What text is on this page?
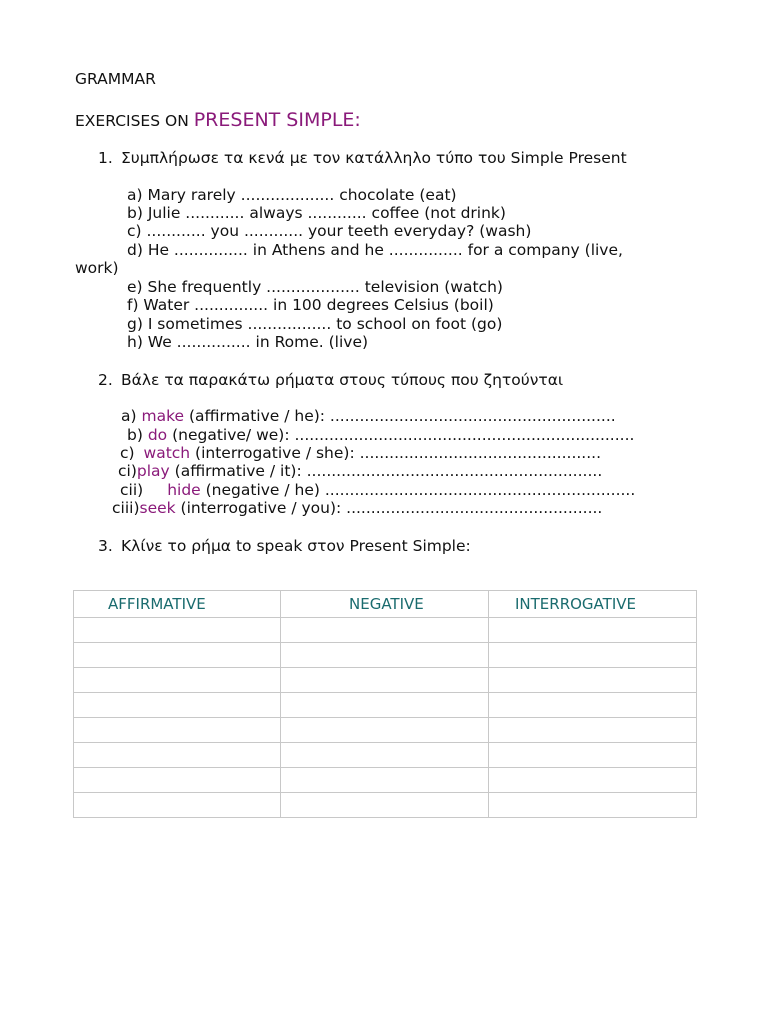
GRAMMAR
EXERCISES ON PRESENT SIMPLE:
1. Συμπλήρωσε τα κενά με τον κατάλληλο τύπο του Simple Present
a) Mary rarely ................... chocolate (eat)
b) Julie ............ always ............ coffee (not drink)
c) ............ you ............ your teeth everyday? (wash)
d) He ............... in Athens and he ............... for a company (live,
work)
e) She frequently ................... television (watch)
f) Water ............... in 100 degrees Celsius (boil)
g) I sometimes ................. to school on foot (go)
h) We ............... in Rome. (live)
2. Βάλε τα παρακάτω ρήματα στους τύπους που ζητούνται
a) make (affirmative / he): ..........................................................
b) do (negative/ we): .....................................................................
c) watch (interrogative / she): .................................................
ci)play (affirmative / it): ............................................................
cii) hide (negative / he) ...............................................................
ciii)seek (interrogative / you): ....................................................
3. Κλίνε το ρήμα to speak στον Present Simple:
AFFIRMATIVE	NEGATIVE	INTERROGATIVE
